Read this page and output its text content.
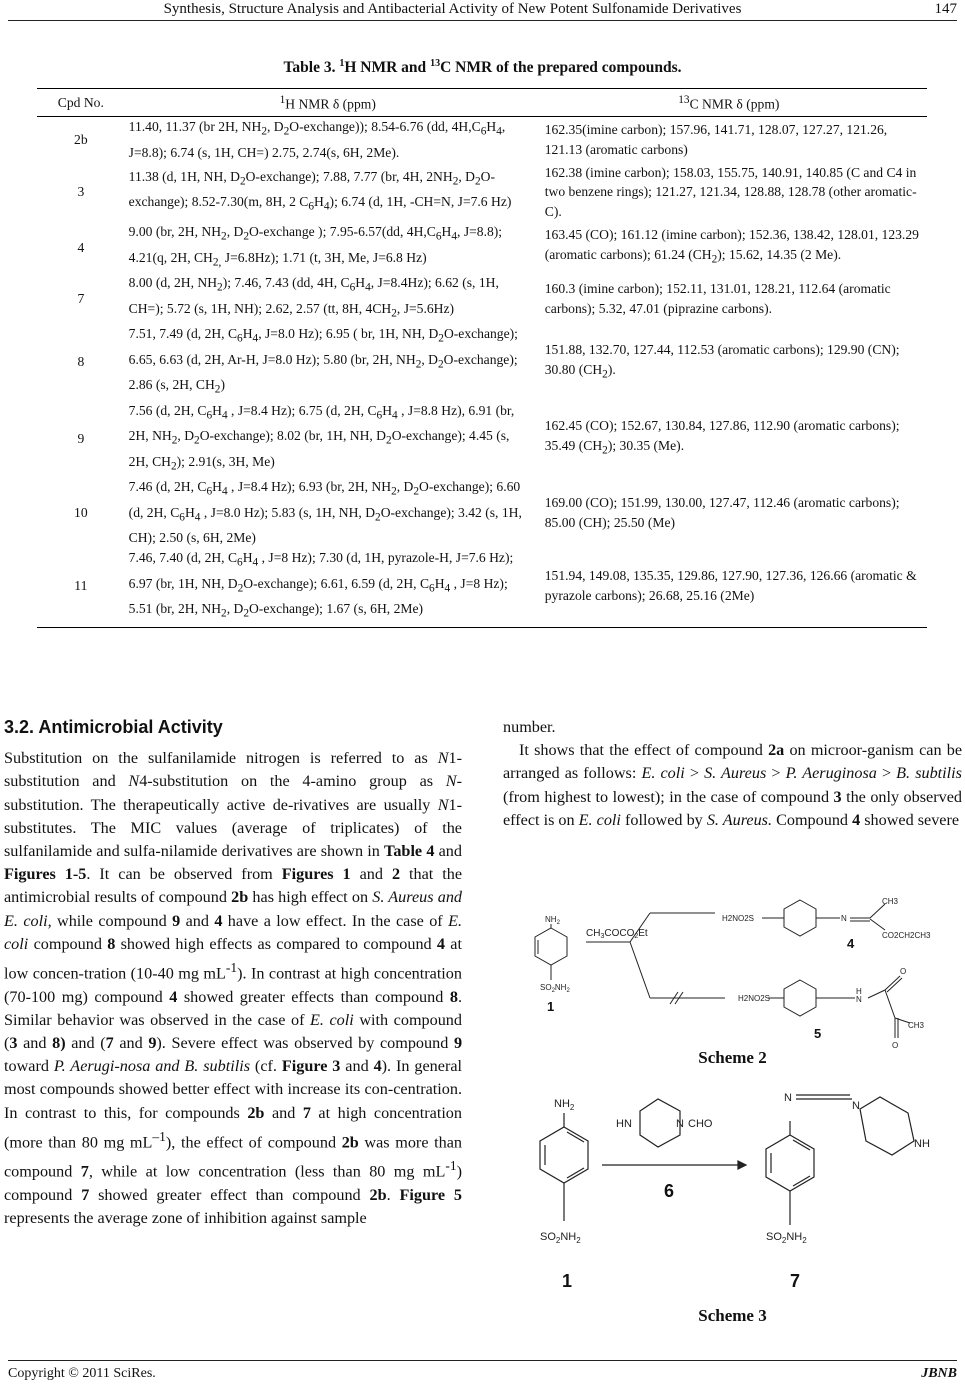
Synthesis, Structure Analysis and Antibacterial Activity of New Potent Sulfonamide Derivatives	147
Table 3. $^1$H NMR and $^{13}$C NMR of the prepared compounds.
Cpd No.	$^1$H NMR δ (ppm)	$^{13}$C NMR δ (ppm)
2b	11.40, 11.37 (br 2H, $NH_2$, $D_2O-exchange$)); 8.54-6.76 (dd, $4H,C_6H_4$, J=8.8); 6.74 (s, 1H, CH=) 2.75, 2.74(s, 6H, 2Me).	162.35(imine carbon); 157.96, 141.71, 128.07, 127.27, 121.26, 121.13 (aromatic carbons)
3	11.38 (d, 1H, NH, $D_2O-exchange$); 7.88, 7.77 (br, 4H, $2NH_2$, $D_2O-exchange$); 8.52-7.30(m, 8H, 2 $C_6H_4$); 6.74 (d, 1H, -CH=N, J=7.6 Hz)	162.38 (imine carbon); 158.03, 155.75, 140.91, 140.85 (C and C4 in two benzene rings); 121.27, 121.34, 128.88, 128.78 (other aromatic-C).
4	9.00 (br, 2H, $NH_2$, $D_2O$-exchange ); 7.95-6.57(dd, $4H,C_6H_4$, J=8.8); 4.21(q, 2H, $CH_{2,}$ J=6.8Hz); 1.71 (t, 3H, Me, J=6.8 Hz)	163.45 (CO); 161.12 (imine carbon); 152.36, 138.42, 128.01, 123.29 (aromatic carbons); 61.24 $(CH_2)$; 15.62, 14.35 (2 Me).
7	8.00 (d, 2H, $NH_2$); 7.46, 7.43 (dd, 4H, $C_6H_4$, J=8.4Hz); 6.62 (s, 1H, CH=); 5.72 (s, 1H, NH); 2.62, 2.57 (tt, 8H, $4CH_2$, J=5.6Hz)	160.3 (imine carbon); 152.11, 131.01, 128.21, 112.64 (aromatic carbons); 5.32, 47.01 (piprazine carbons).
8	7.51, 7.49 (d, 2H, $C_6H_4$, J=8.0 Hz); 6.95 ( br, 1H, NH, $D_2O-exchange$); 6.65, 6.63 (d, 2H, Ar-H, J=8.0 Hz); 5.80 (br, 2H, $NH_2$, $D_2O-exchange$); 2.86 (s, 2H, $CH_2$)	151.88, 132.70, 127.44, 112.53 (aromatic carbons); 129.90 (CN); 30.80 $(CH_2)$.
9	7.56 (d, 2H, $C_6H_4$ , J=8.4 Hz); 6.75 (d, 2H, $C_6H_4$ , J=8.8 Hz), 6.91 (br, 2H, $NH_2$, $D_2O-exchange$); 8.02 (br, 1H, NH, $D_2O-exchange$); 4.45 (s, 2H, $CH_2$); 2.91(s, 3H, Me)	162.45 (CO); 152.67, 130.84, 127.86, 112.90 (aromatic carbons); 35.49 $(CH_2)$; 30.35 (Me).
10	7.46 (d, 2H, $C_6H_4$ , J=8.4 Hz); 6.93 (br, 2H, $NH_2$, $D_2O-exchange$); 6.60 (d, 2H, $C_6H_4$ , J=8.0 Hz); 5.83 (s, 1H, NH, $D_2O-exchange$); 3.42 (s, 1H, CH); 2.50 (s, 6H, 2Me)	169.00 (CO); 151.99, 130.00, 127.47, 112.46 (aromatic carbons); 85.00 (CH); 25.50 (Me)
11	7.46, 7.40 (d, 2H, $C_6H_4$ , J=8 Hz); 7.30 (d, 1H, pyrazole-H, J=7.6 Hz); 6.97 (br, 1H, NH, $D_2O-exchange$); 6.61, 6.59 (d, 2H, $C_6H_4$ , J=8 Hz); 5.51 (br, 2H, $NH_2$, $D_2O-exchange$); 1.67 (s, 6H, 2Me)	151.94, 149.08, 135.35, 129.86, 127.90, 127.36, 126.66 (aromatic & pyrazole carbons); 26.68, 25.16 (2Me)
3.2. Antimicrobial Activity

Substitution on the sulfanilamide nitrogen is referred to as N1-substitution and N4-substitution on the 4-amino group as N-substitution. The therapeutically active de-rivatives are usually N1-substitutes. The MIC values (average of triplicates) of the sulfanilamide and sulfa-nilamide derivatives are shown in Table 4 and Figures 1-5. It can be observed from Figures 1 and 2 that the antimicrobial results of compound 2b has high effect on S. Aureus and E. coli, while compound 9 and 4 have a low effect. In the case of E. coli compound 8 showed high effects as compared to compound 4 at low concen-tration (10-40 mg $mL^{-1}$). In contrast at high concentration (70-100 mg) compound 4 showed greater effects than compound 8. Similar behavior was observed in the case of E. coli with compound (3 and 8) and (7 and 9). Severe effect was observed by compound 9 toward P. Aerugi-nosa and B. subtilis (cf. Figure 3 and 4). In general most compounds showed better effect with increase its con-centration. In contrast to this, for compounds 2b and 7 at high concentration (more than 80 mg $mL^{-1}$), the effect of compound 2b was more than compound 7, while at low concentration (less than 80 mg $mL^{-1}$) compound 7 showed greater effect than compound 2b. Figure 5 represents the average zone of inhibition against sample

number.

It shows that the effect of compound 2a on microor-ganism can be arranged as follows: E. coli > S. Aureus > P. Aeruginosa > B. subtilis (from highest to lowest); in the case of compound 3 the only observed effect is on E. coli followed by S. Aureus. Compound 4 showed severe

$NH_2$
$SO_2NH_2$
$CH_3COCO_2Et$
H2NO2S	N
CH3
CO2CH2CH3
H2NO2S
H
N
O
CH3
O
1
4
5
Scheme 2
$NH_2$
$SO_2NH_2$
HN	N CHO
N
N
NH
$SO_2NH_2$
1
6
7
Scheme 3
Copyright © 2011 SciRes.	JBNB
